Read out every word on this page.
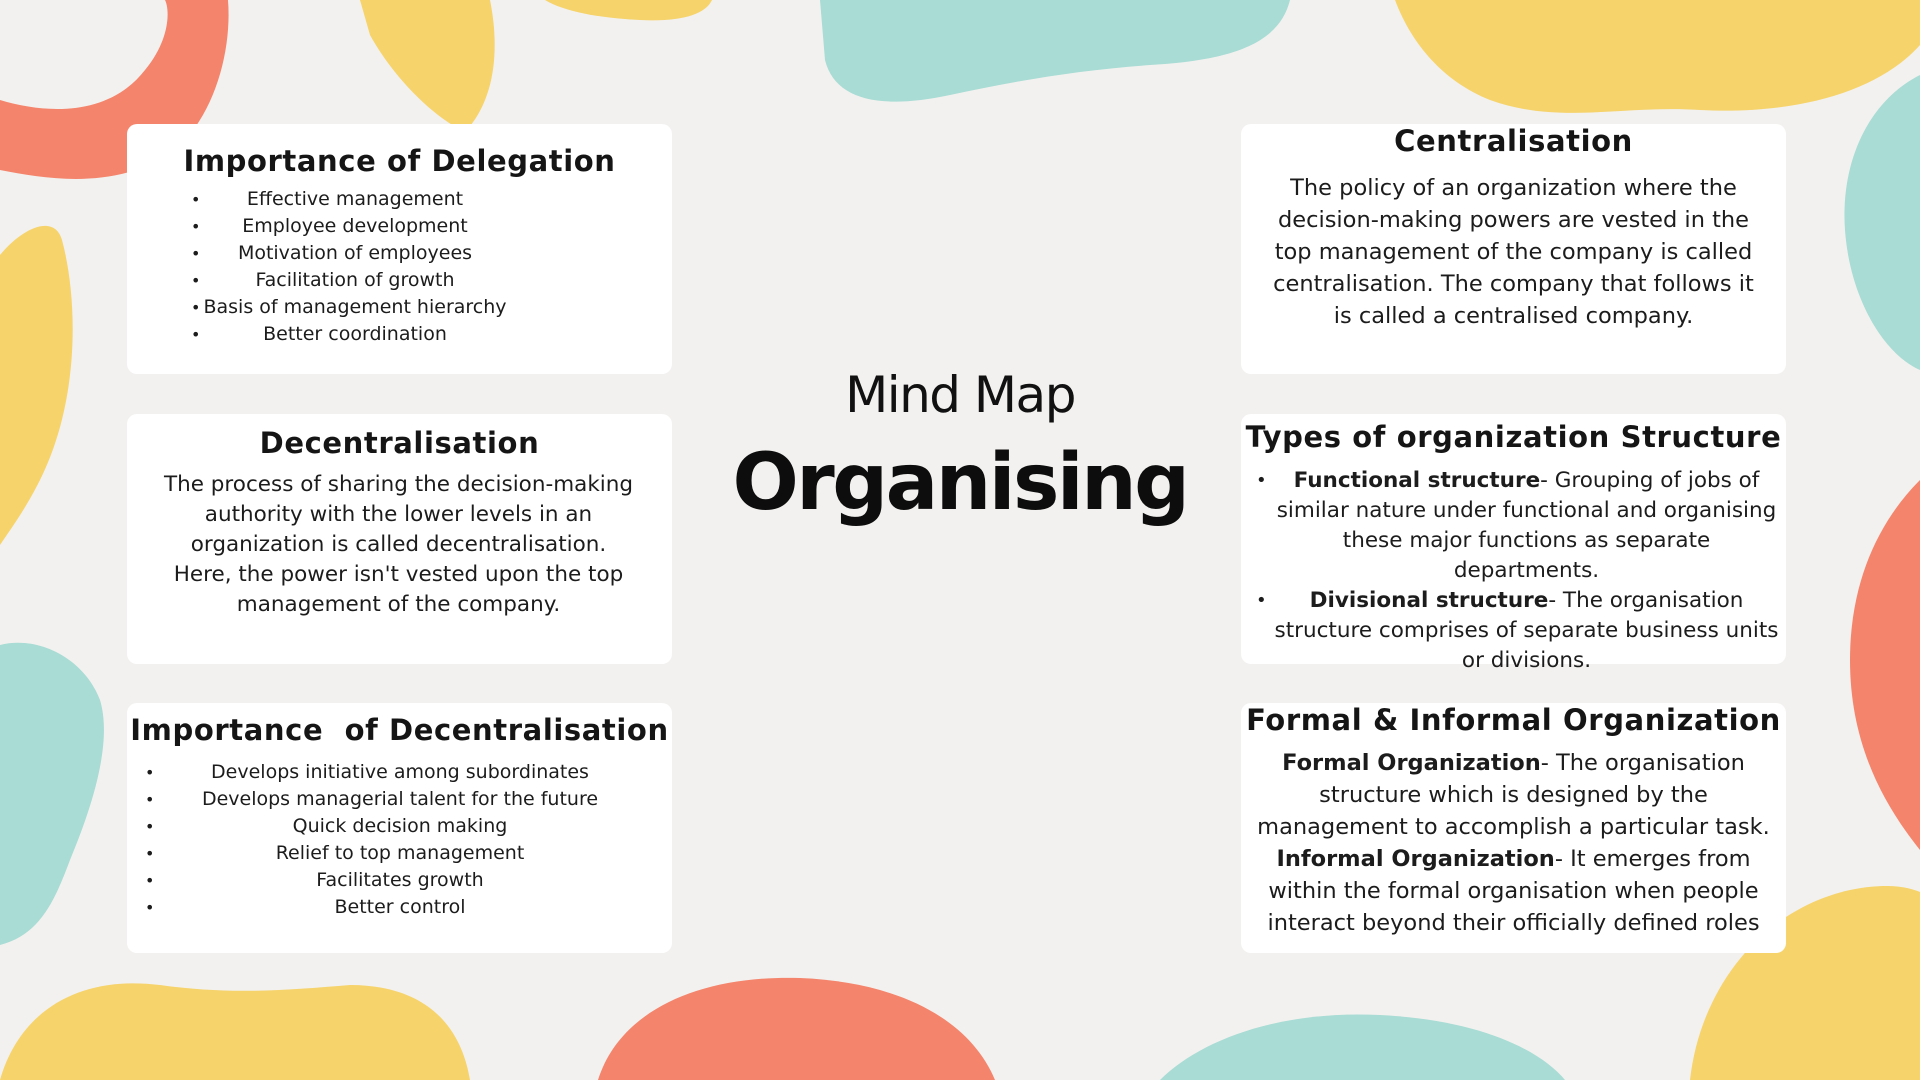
Mind Map
Organising
Importance of Delegation
• Effective management
• Employee development
• Motivation of employees
• Facilitation of growth
• Basis of management hierarchy
• Better coordination
Decentralisation

The process of sharing the decision-making authority with the lower levels in an organization is called decentralisation. Here, the power isn't vested upon the top management of the company.

Importance  of Decentralisation
• Develops initiative among subordinates
• Develops managerial talent for the future
• Quick decision making
• Relief to top management
• Facilitates growth
• Better control
Centralisation

The policy of an organization where the decision-making powers are vested in the top management of the company is called centralisation. The company that follows it is called a centralised company.

Types of organization Structure
• Functional structure- Grouping of jobs of similar nature under functional and organising these major functions as separate departments.
• Divisional structure- The organisation structure comprises of separate business units or divisions.
Formal & Informal Organization

Formal Organization- The organisation structure which is designed by the management to accomplish a particular task.

Informal Organization- It emerges from within the formal organisation when people interact beyond their officially defined roles
